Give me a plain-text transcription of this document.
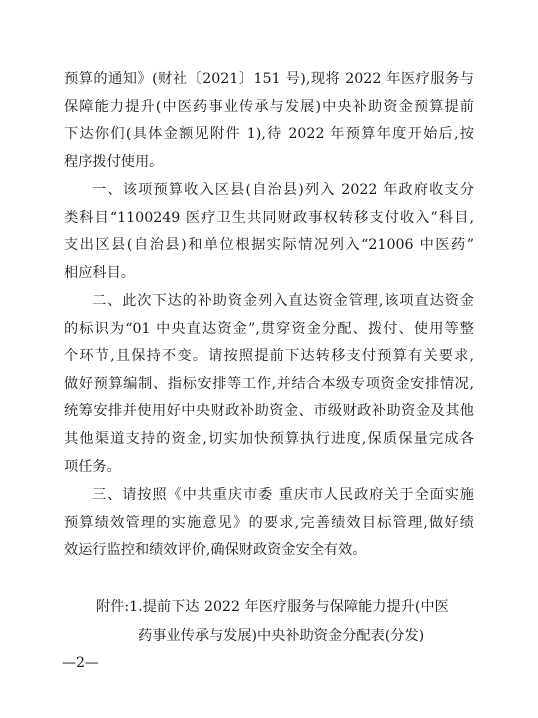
预算的通知》(财社〔2021〕151 号),现将 2022 年医疗服务与
保障能力提升(中医药事业传承与发展)中央补助资金预算提前
下达你们(具体金额见附件 1),待 2022 年预算年度开始后,按
程序拨付使用。
一、该项预算收入区县(自治县)列入 2022 年政府收支分
类科目“1100249 医疗卫生共同财政事权转移支付收入”科目,
支出区县(自治县)和单位根据实际情况列入“21006 中医药”
相应科目。
二、此次下达的补助资金列入直达资金管理,该项直达资金
的标识为“01 中央直达资金”,贯穿资金分配、拨付、使用等整
个环节,且保持不变。请按照提前下达转移支付预算有关要求,
做好预算编制、指标安排等工作,并结合本级专项资金安排情况,
统筹安排并使用好中央财政补助资金、市级财政补助资金及其他
其他渠道支持的资金,切实加快预算执行进度,保质保量完成各
项任务。
三、请按照《中共重庆市委 重庆市人民政府关于全面实施
预算绩效管理的实施意见》的要求,完善绩效目标管理,做好绩
效运行监控和绩效评价,确保财政资金安全有效。
附件:1.提前下达 2022 年医疗服务与保障能力提升(中医
药事业传承与发展)中央补助资金分配表(分发)
—2—
